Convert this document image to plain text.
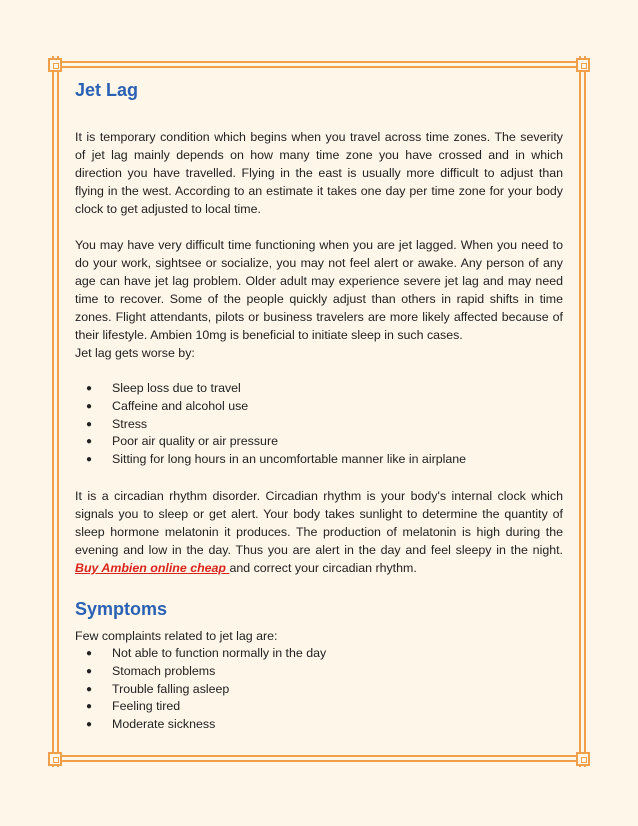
Jet Lag

It is temporary condition which begins when you travel across time zones. The severity of jet lag mainly depends on how many time zone you have crossed and in which direction you have travelled. Flying in the east is usually more difficult to adjust than flying in the west. According to an estimate it takes one day per time zone for your body clock to get adjusted to local time.

You may have very difficult time functioning when you are jet lagged. When you need to do your work, sightsee or socialize, you may not feel alert or awake. Any person of any age can have jet lag problem. Older adult may experience severe jet lag and may need time to recover. Some of the people quickly adjust than others in rapid shifts in time zones. Flight attendants, pilots or business travelers are more likely affected because of their lifestyle. Ambien 10mg is beneficial to initiate sleep in such cases.

Jet lag gets worse by:

● Sleep loss due to travel
● Caffeine and alcohol use
● Stress
● Poor air quality or air pressure
● Sitting for long hours in an uncomfortable manner like in airplane

It is a circadian rhythm disorder. Circadian rhythm is your body's internal clock which signals you to sleep or get alert. Your body takes sunlight to determine the quantity of sleep hormone melatonin it produces. The production of melatonin is high during the evening and low in the day. Thus you are alert in the day and feel sleepy in the night. Buy Ambien online cheap and correct your circadian rhythm.

Symptoms

Few complaints related to jet lag are:

● Not able to function normally in the day
● Stomach problems
● Trouble falling asleep
● Feeling tired
● Moderate sickness
